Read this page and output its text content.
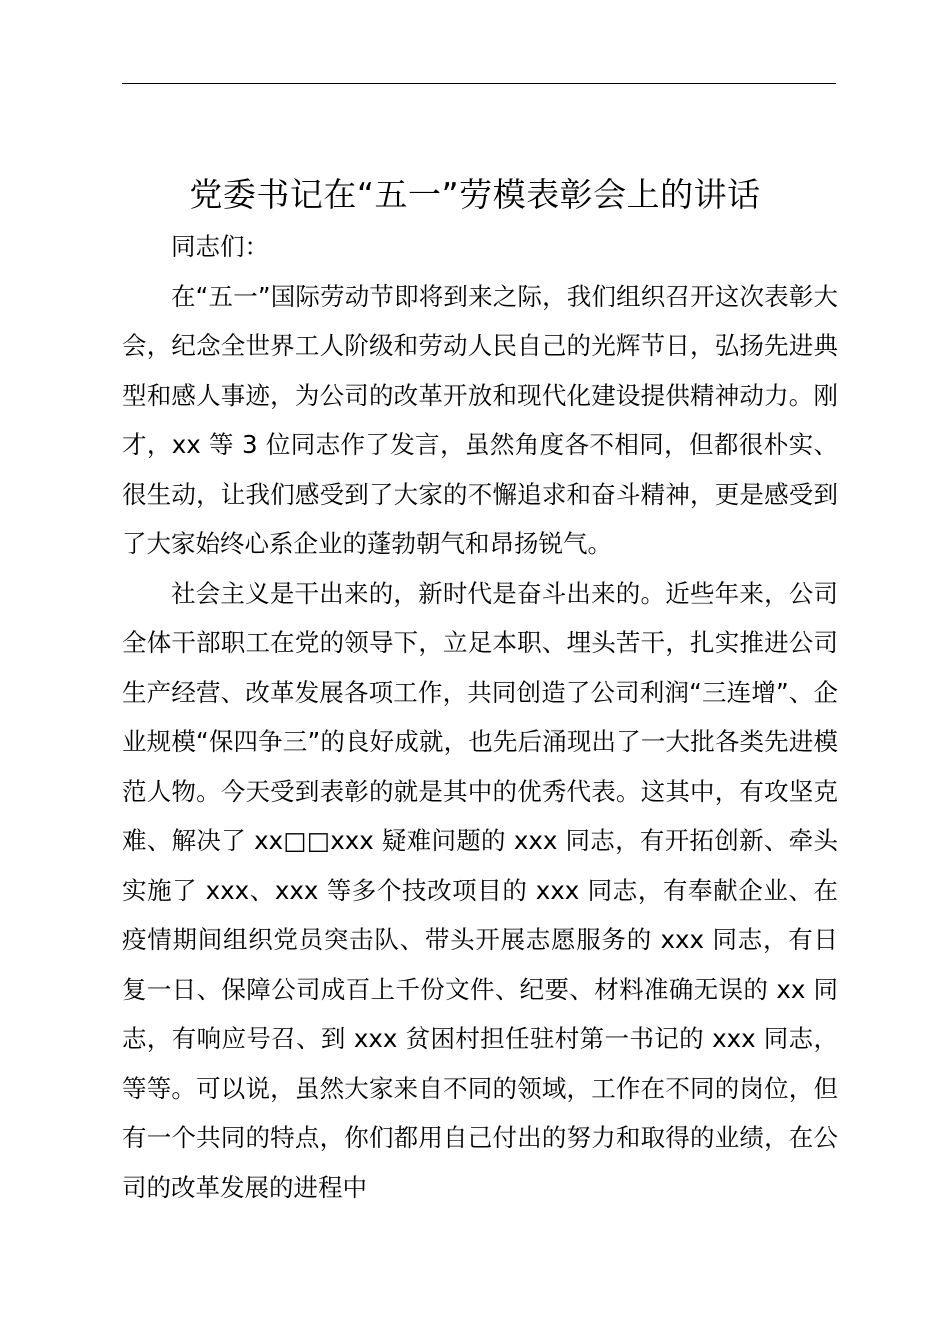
党委书记在“五一”劳模表彰会上的讲话

同志们：

在“五一”国际劳动节即将到来之际，我们组织召开这次表彰大会，纪念全世界工人阶级和劳动人民自己的光辉节日，弘扬先进典型和感人事迹，为公司的改革开放和现代化建设提供精神动力。刚才，xx 等 3 位同志作了发言，虽然角度各不相同，但都很朴实、很生动，让我们感受到了大家的不懈追求和奋斗精神，更是感受到了大家始终心系企业的蓬勃朝气和昂扬锐气。

社会主义是干出来的，新时代是奋斗出来的。近些年来，公司全体干部职工在党的领导下，立足本职、埋头苦干，扎实推进公司生产经营、改革发展各项工作，共同创造了公司利润“三连增”、企业规模“保四争三”的良好成就，也先后涌现出了一大批各类先进模范人物。今天受到表彰的就是其中的优秀代表。这其中，有攻坚克难、解决了 xx□□xxx 疑难问题的 xxx 同志，有开拓创新、牵头实施了 xxx、xxx 等多个技改项目的 xxx 同志，有奉献企业、在疫情期间组织党员突击队、带头开展志愿服务的 xxx 同志，有日复一日、保障公司成百上千份文件、纪要、材料准确无误的 xx 同志，有响应号召、到 xxx 贫困村担任驻村第一书记的 xxx 同志，等等。可以说，虽然大家来自不同的领域，工作在不同的岗位，但有一个共同的特点，你们都用自己付出的努力和取得的业绩，在公司的改革发展的进程中
